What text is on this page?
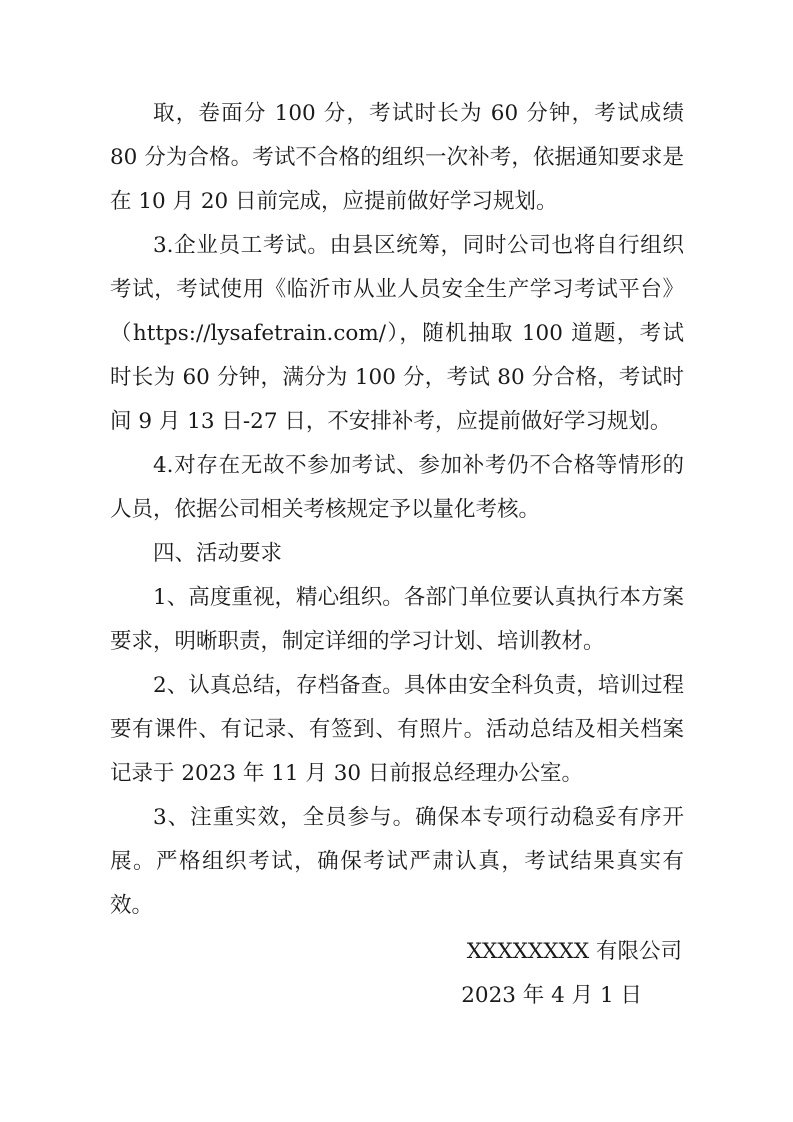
取，卷面分 100 分，考试时长为 60 分钟，考试成绩 80 分为合格。考试不合格的组织一次补考，依据通知要求是在 10 月 20 日前完成，应提前做好学习规划。

3.企业员工考试。由县区统筹，同时公司也将自行组织考试，考试使用《临沂市从业人员安全生产学习考试平台》（https://lysafetrain.com/），随机抽取 100 道题，考试时长为 60 分钟，满分为 100 分，考试 80 分合格，考试时间 9 月 13 日-27 日，不安排补考，应提前做好学习规划。

4.对存在无故不参加考试、参加补考仍不合格等情形的人员，依据公司相关考核规定予以量化考核。

四、活动要求

1、高度重视，精心组织。各部门单位要认真执行本方案要求，明晰职责，制定详细的学习计划、培训教材。

2、认真总结，存档备查。具体由安全科负责，培训过程要有课件、有记录、有签到、有照片。活动总结及相关档案记录于 2023 年 11 月 30 日前报总经理办公室。

3、注重实效，全员参与。确保本专项行动稳妥有序开展。严格组织考试，确保考试严肃认真，考试结果真实有效。

XXXXXXXX 有限公司

2023 年 4 月 1 日
